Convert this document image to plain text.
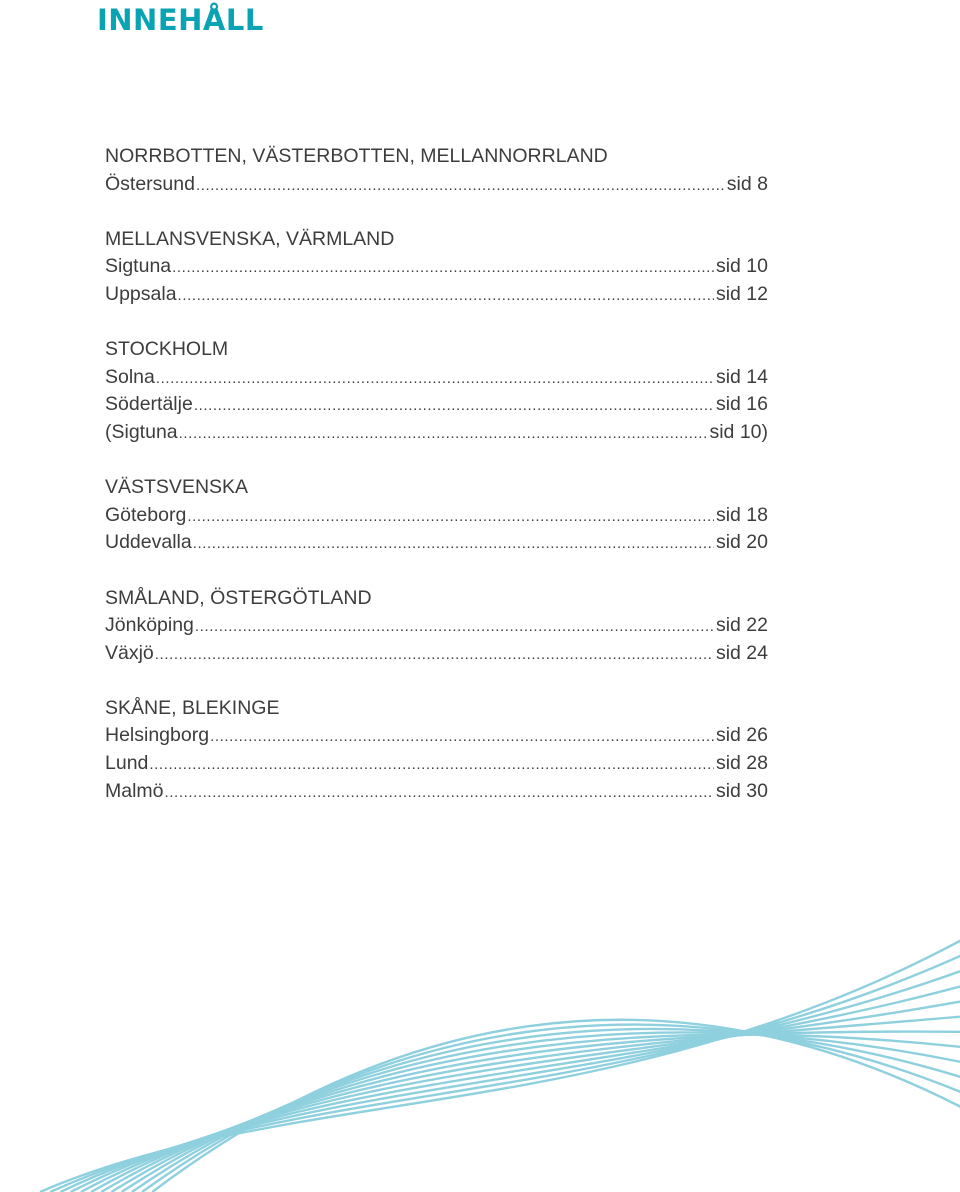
INNEHÅLL
NORRBOTTEN, VÄSTERBOTTEN, MELLANNORRLAND
Östersund .....	sid 8
MELLANSVENSKA, VÄRMLAND
Sigtuna .....	sid 10
Uppsala .....	sid 12
STOCKHOLM
Solna .....	sid 14
Södertälje .....	sid 16
(Sigtuna .....	sid 10)
VÄSTSVENSKA
Göteborg .....	sid 18
Uddevalla .....	sid 20
SMÅLAND, ÖSTERGÖTLAND
Jönköping .....	sid 22
Växjö .....	sid 24
SKÅNE, BLEKINGE
Helsingborg .....	sid 26
Lund .....	sid 28
Malmö .....	sid 30
